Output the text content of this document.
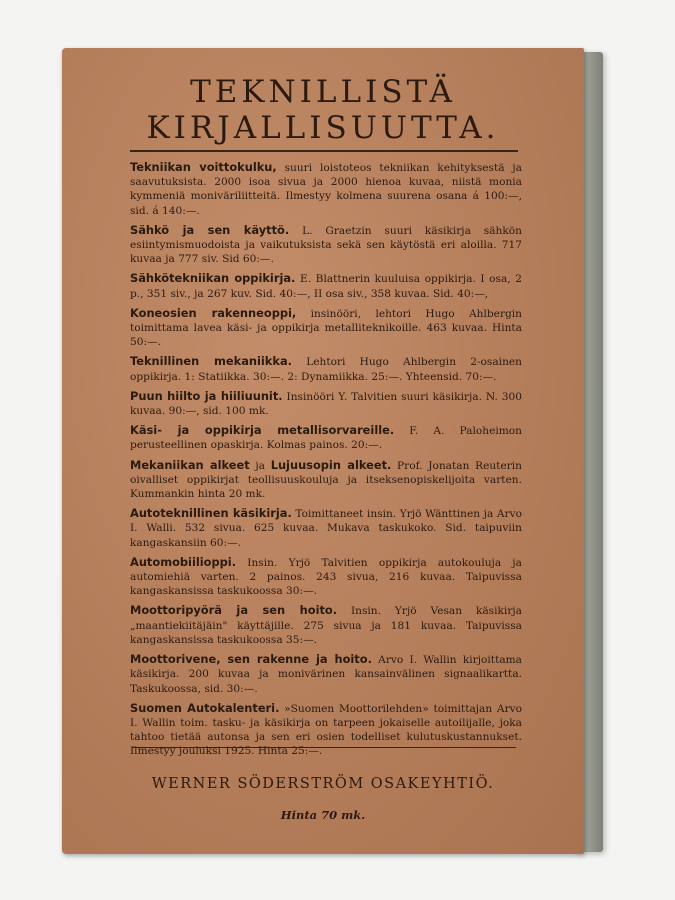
TEKNILLISTÄ
KIRJALLISUUTTA.

Tekniikan voittokulku, suuri loistoteos tekniikan kehityksestä ja saavutuksista. 2000 isoa sivua ja 2000 hienoa kuvaa, niistä monia kymmeniä moniväriliitteitä. Ilmestyy kolmena suurena osana á 100:—, sid. á 140:—.

Sähkö ja sen käyttö. L. Graetzin suuri käsikirja sähkön esiintymismuodoista ja vaikutuksista sekä sen käytöstä eri aloilla. 717 kuvaa ja 777 siv. Sid 60:—.

Sähkötekniikan oppikirja. E. Blattnerin kuuluisa oppikirja. I osa, 2 p., 351 siv., ja 267 kuv. Sid. 40:—, II osa siv., 358 kuvaa. Sid. 40:—,

Koneosien rakenneoppi, insinööri, lehtori Hugo Ahlbergin toimittama lavea käsi- ja oppikirja metalliteknikoille. 463 kuvaa. Hinta 50:—.

Teknillinen mekaniikka. Lehtori Hugo Ahlbergin 2-osainen oppikirja. 1: Statiikka. 30:—. 2: Dynamiikka. 25:—. Yhteensid. 70:—.

Puun hiilto ja hiiliuunit. Insinööri Y. Talvitien suuri käsikirja. N. 300 kuvaa. 90:—, sid. 100 mk.

Käsi- ja oppikirja metallisorvareille. F. A. Paloheimon perusteellinen opaskirja. Kolmas painos. 20:—.

Mekaniikan alkeet ja Lujuusopin alkeet. Prof. Jonatan Reuterin oivalliset oppikirjat teollisuuskouluja ja itseksenopiskelijoita varten. Kummankin hinta 20 mk.

Autoteknillinen käsikirja. Toimittaneet insin. Yrjö Wänttinen ja Arvo I. Walli. 532 sivua. 625 kuvaa. Mukava taskukoko. Sid. taipuviin kangaskansiin 60:—.

Automobiilioppi. Insin. Yrjö Talvitien oppikirja autokouluja ja automiehiä varten. 2 painos. 243 sivua, 216 kuvaa. Taipuvissa kangaskansissa taskukoossa 30:—.

Moottoripyörä ja sen hoito. Insin. Yrjö Vesan käsikirja „maantiekiitäjäin" käyttäjille. 275 sivua ja 181 kuvaa. Taipuvissa kangaskansissa taskukoossa 35:—.

Moottorivene, sen rakenne ja hoito. Arvo I. Wallin kirjoittama käsikirja. 200 kuvaa ja monivärinen kansainvälinen signaalikartta. Taskukoossa, sid. 30:—.

Suomen Autokalenteri. »Suomen Moottorilehden» toimittajan Arvo I. Wallin toim. tasku- ja käsikirja on tarpeen jokaiselle autoilijalle, joka tahtoo tietää autonsa ja sen eri osien todelliset kulutuskustannukset. Ilmestyy jouluksi 1925. Hinta 25:—.

WERNER SÖDERSTRÖM OSAKEYHTIÖ.
Hinta 70 mk.
